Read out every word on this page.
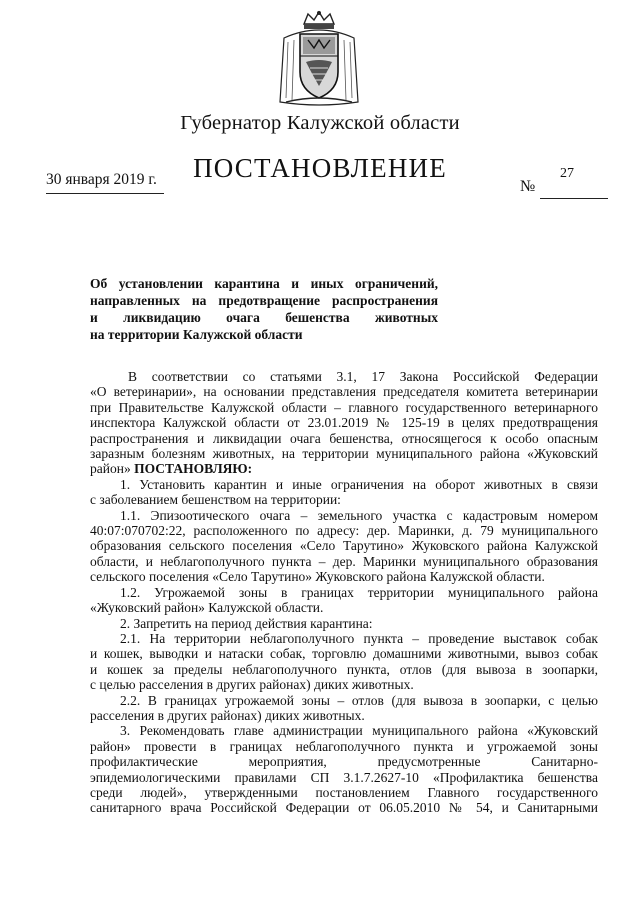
Губернатор Калужской области
ПОСТАНОВЛЕНИЕ
30 января 2019 г.	№
27
Об установлении карантина и иных ограничений,
направленных на предотвращение распространения
и ликвидацию очага бешенства животных
на территории Калужской области
В соответствии со статьями 3.1, 17 Закона Российской Федерации
«О ветеринарии», на основании представления председателя комитета ветеринарии
при Правительстве Калужской области – главного государственного ветеринарного
инспектора Калужской области от 23.01.2019 № 125-19 в целях предотвращения
распространения и ликвидации очага бешенства, относящегося к особо опасным
заразным болезням животных, на территории муниципального района «Жуковский
район» ПОСТАНОВЛЯЮ:
1. Установить карантин и иные ограничения на оборот животных в связи
с заболеванием бешенством на территории:
1.1. Эпизоотического очага – земельного участка с кадастровым номером
40:07:070702:22, расположенного по адресу: дер. Маринки, д. 79 муниципального
образования сельского поселения «Село Тарутино» Жуковского района Калужской
области, и неблагополучного пункта – дер. Маринки муниципального образования
сельского поселения «Село Тарутино» Жуковского района Калужской области.
1.2. Угрожаемой зоны в границах территории муниципального района
«Жуковский район» Калужской области.
2. Запретить на период действия карантина:
2.1. На территории неблагополучного пункта – проведение выставок собак
и кошек, выводки и натаски собак, торговлю домашними животными, вывоз собак
и кошек за пределы неблагополучного пункта, отлов (для вывоза в зоопарки,
с целью расселения в других районах) диких животных.
2.2. В границах угрожаемой зоны – отлов (для вывоза в зоопарки, с целью
расселения в других районах) диких животных.
3. Рекомендовать главе администрации муниципального района «Жуковский
район» провести в границах неблагополучного пункта и угрожаемой зоны
профилактические мероприятия, предусмотренные Санитарно-
эпидемиологическими правилами СП 3.1.7.2627-10 «Профилактика бешенства
среди людей», утвержденными постановлением Главного государственного
санитарного врача Российской Федерации от 06.05.2010 № 54, и Санитарными
